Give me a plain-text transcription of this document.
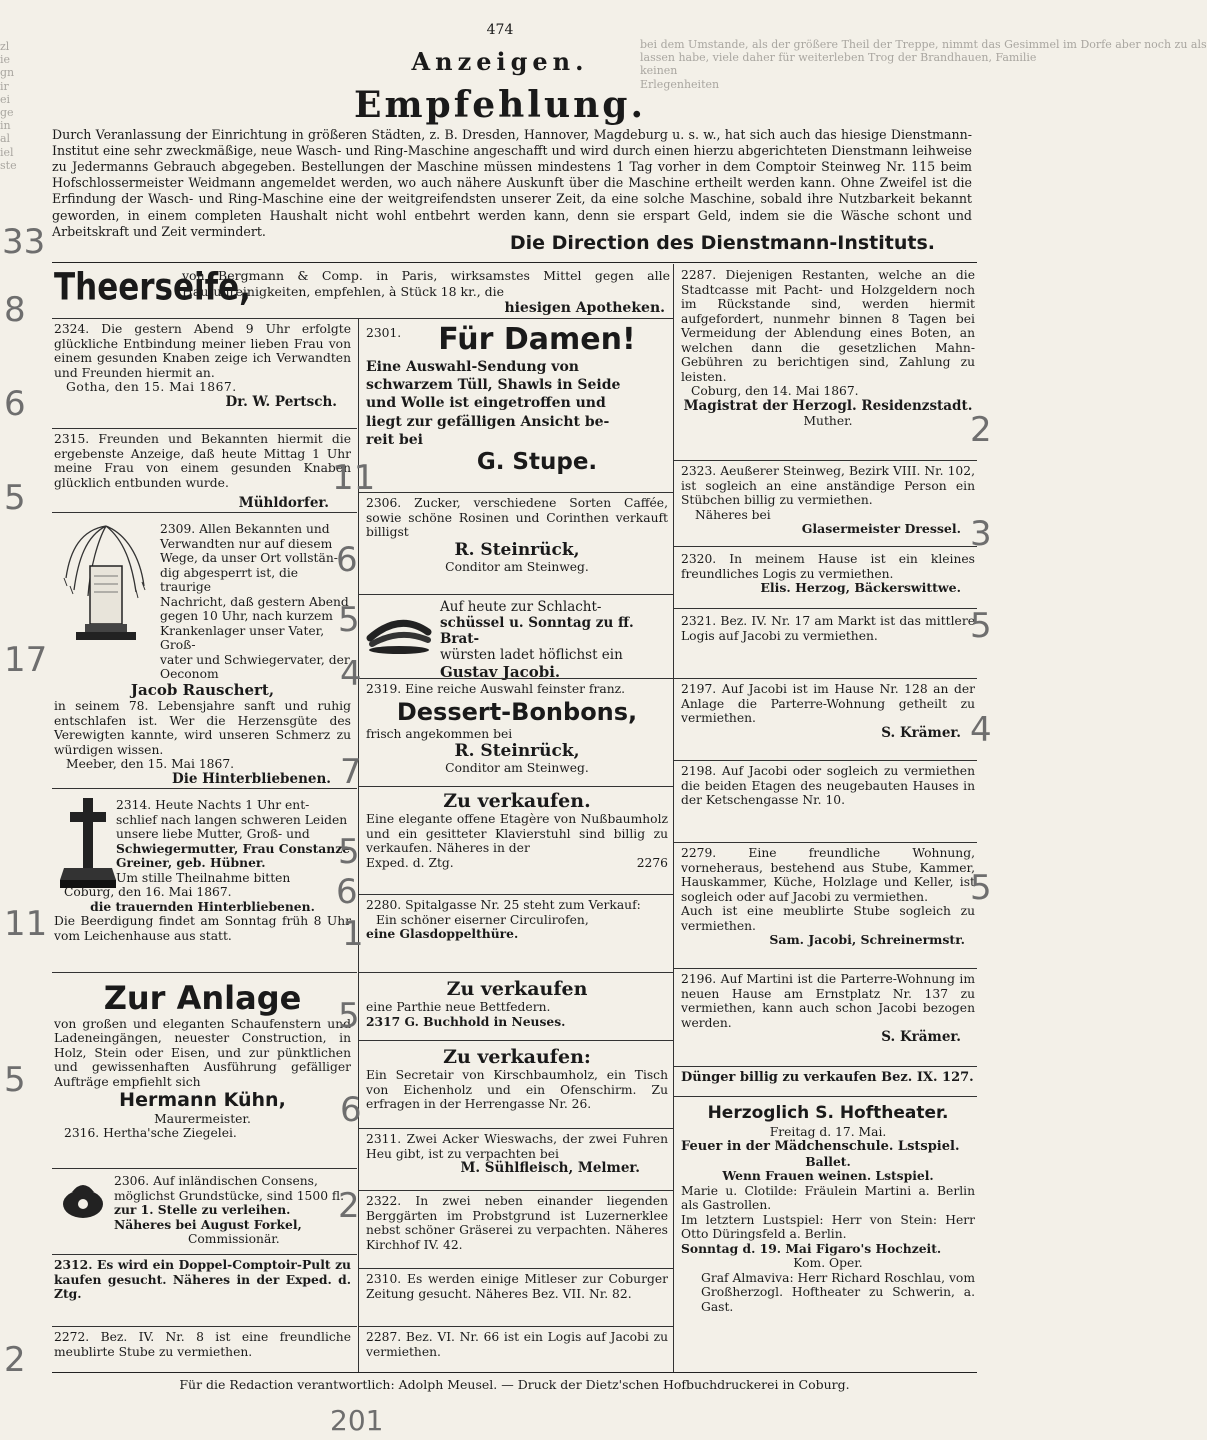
zl
ie
gn
ir
ei
ge
in
al
iel
ste
bei dem Umstande, als der größere Theil der Treppe, nimmt das Gesimmel im Dorfe aber noch zu als
lassen habe, viele daher für weiterleben Trog der Brandhauen, Familie
keinen
Erlegenheiten
474
Anzeigen.
Empfehlung.
Durch Veranlassung der Einrichtung in größeren Städten, z. B. Dresden, Hannover, Magdeburg u. s. w., hat sich auch das hiesige Dienstmann-Institut eine sehr zweckmäßige, neue Wasch- und Ring-Maschine angeschafft und wird durch einen hierzu abgerichteten Dienstmann leihweise zu Jedermanns Gebrauch abgegeben. Bestellungen der Maschine müssen mindestens 1 Tag vorher in dem Comptoir Steinweg Nr. 115 beim Hofschlossermeister Weidmann angemeldet werden, wo auch nähere Auskunft über die Maschine ertheilt werden kann. Ohne Zweifel ist die Erfindung der Wasch- und Ring-Maschine eine der weitgreifendsten unserer Zeit, da eine solche Maschine, sobald ihre Nutzbarkeit bekannt geworden, in einem completen Haushalt nicht wohl entbehrt werden kann, denn sie erspart Geld, indem sie die Wäsche schont und Arbeitskraft und Zeit vermindert.
Die Direction des Dienstmann-Instituts.
Theerseife,
von Bergmann & Comp. in Paris, wirksamstes Mittel gegen alle Hautunreinigkeiten, empfehlen, à Stück 18 kr., die
hiesigen Apotheken.

2324. Die gestern Abend 9 Uhr erfolgte glückliche Entbindung meiner lieben Frau von einem gesunden Knaben zeige ich Verwandten und Freunden hiermit an.

Gotha, den 15. Mai 1867.

Dr. W. Pertsch.

2315. Freunden und Bekannten hiermit die ergebenste Anzeige, daß heute Mittag 1 Uhr meine Frau von einem gesunden Knaben glücklich entbunden wurde.

Mühldorfer.

2309. Allen Bekannten und

Verwandten nur auf diesem

Wege, da unser Ort vollstän-

dig abgesperrt ist, die traurige

Nachricht, daß gestern Abend

gegen 10 Uhr, nach kurzem

Krankenlager unser Vater, Groß-

vater und Schwiegervater, der

Oeconom

Jacob Rauschert,

in seinem 78. Lebensjahre sanft und ruhig entschlafen ist. Wer die Herzensgüte des Verewigten kannte, wird unseren Schmerz zu würdigen wissen.

Meeber, den 15. Mai 1867.

Die Hinterbliebenen.

2314. Heute Nachts 1 Uhr ent-

schlief nach langen schweren Leiden

unsere liebe Mutter, Groß- und

Schwiegermutter, Frau Constanze

Greiner, geb. Hübner.

Um stille Theilnahme bitten

Coburg, den 16. Mai 1867.

die trauernden Hinterbliebenen.

Die Beerdigung findet am Sonntag früh 8 Uhr vom Leichenhause aus statt.

Zur Anlage

von großen und eleganten Schaufenstern und Ladeneingängen, neuester Construction, in Holz, Stein oder Eisen, und zur pünktlichen und gewissenhaften Ausführung gefälliger Aufträge empfiehlt sich

Hermann Kühn,

Maurermeister.

2316. Hertha'sche Ziegelei.

2306. Auf inländischen Consens,

möglichst Grundstücke, sind 1500 fl.

zur 1. Stelle zu verleihen.

Näheres bei August Forkel,

Commissionär.

2312. Es wird ein Doppel-Comptoir-Pult zu kaufen gesucht. Näheres in der Exped. d. Ztg.

2272. Bez. IV. Nr. 8 ist eine freundliche meublirte Stube zu vermiethen.

2301.	Für Damen!

Eine Auswahl-Sendung von

schwarzem Tüll, Shawls in Seide

und Wolle ist eingetroffen und

liegt zur gefälligen Ansicht be-

reit bei

G. Stupe.

2306. Zucker, verschiedene Sorten Caffée, sowie schöne Rosinen und Corinthen verkauft billigst

R. Steinrück,

Conditor am Steinweg.

Auf heute zur Schlacht-

schüssel u. Sonntag zu ff. Brat-

würsten ladet höflichst ein

Gustav Jacobi.

2319. Eine reiche Auswahl feinster franz.

Dessert-Bonbons,

frisch angekommen bei

R. Steinrück,

Conditor am Steinweg.

Zu verkaufen.

Eine elegante offene Etagère von Nußbaumholz und ein gesitteter Klavierstuhl sind billig zu verkaufen. Näheres in der

Exped. d. Ztg.	2276

2280. Spitalgasse Nr. 25 steht zum Verkauf:

Ein schöner eiserner Circulirofen,

eine Glasdoppelthüre.

Zu verkaufen

eine Parthie neue Bettfedern.

2317 G. Buchhold in Neuses.

Zu verkaufen:

Ein Secretair von Kirschbaumholz, ein Tisch von Eichenholz und ein Ofenschirm. Zu erfragen in der Herrengasse Nr. 26.

2311. Zwei Acker Wieswachs, der zwei Fuhren Heu gibt, ist zu verpachten bei

M. Sühlfleisch, Melmer.

2322. In zwei neben einander liegenden Berggärten im Probstgrund ist Luzernerklee nebst schöner Gräserei zu verpachten. Näheres Kirchhof IV. 42.

2310. Es werden einige Mitleser zur Coburger Zeitung gesucht. Näheres Bez. VII. Nr. 82.

2287. Bez. VI. Nr. 66 ist ein Logis auf Jacobi zu vermiethen.

2287. Diejenigen Restanten, welche an die Stadtcasse mit Pacht- und Holzgeldern noch im Rückstande sind, werden hiermit aufgefordert, nunmehr binnen 8 Tagen bei Vermeidung der Ablendung eines Boten, an welchen dann die gesetzlichen Mahn-Gebühren zu berichtigen sind, Zahlung zu leisten.

Coburg, den 14. Mai 1867.

Magistrat der Herzogl. Residenzstadt.

Muther.

2323. Aeußerer Steinweg, Bezirk VIII. Nr. 102, ist sogleich an eine anständige Person ein Stübchen billig zu vermiethen.

Näheres bei

Glasermeister Dressel.

2320. In meinem Hause ist ein kleines freundliches Logis zu vermiethen.

Elis. Herzog, Bäckerswittwe.

2321. Bez. IV. Nr. 17 am Markt ist das mittlere Logis auf Jacobi zu vermiethen.

2197. Auf Jacobi ist im Hause Nr. 128 an der Anlage die Parterre-Wohnung getheilt zu vermiethen.

S. Krämer.

2198. Auf Jacobi oder sogleich zu vermiethen die beiden Etagen des neugebauten Hauses in der Ketschengasse Nr. 10.

2279. Eine freundliche Wohnung, vorneheraus, bestehend aus Stube, Kammer, Hauskammer, Küche, Holzlage und Keller, ist sogleich oder auf Jacobi zu vermiethen.

Auch ist eine meublirte Stube sogleich zu vermiethen.

Sam. Jacobi, Schreinermstr.

2196. Auf Martini ist die Parterre-Wohnung im neuen Hause am Ernstplatz Nr. 137 zu vermiethen, kann auch schon Jacobi bezogen werden.

S. Krämer.

Dünger billig zu verkaufen Bez. IX. 127.

Herzoglich S. Hoftheater.

Freitag d. 17. Mai.

Feuer in der Mädchenschule. Lstspiel.

Ballet.

Wenn Frauen weinen. Lstspiel.

Marie u. Clotilde: Fräulein Martini a. Berlin als Gastrollen.

Im letztern Lustspiel: Herr von Stein: Herr Otto Düringsfeld a. Berlin.

Sonntag d. 19. Mai Figaro's Hochzeit.

Kom. Oper.

Graf Almaviva: Herr Richard Roschlau, vom Großherzogl. Hoftheater zu Schwerin, a. Gast.

Für die Redaction verantwortlich: Adolph Meusel. — Druck der Dietz'schen Hofbuchdruckerei in Coburg.
33
8
6
5
17
11
5
2
11
6
5
4
7
5
6
1
5
6
2
2
3
5
4
5
201
